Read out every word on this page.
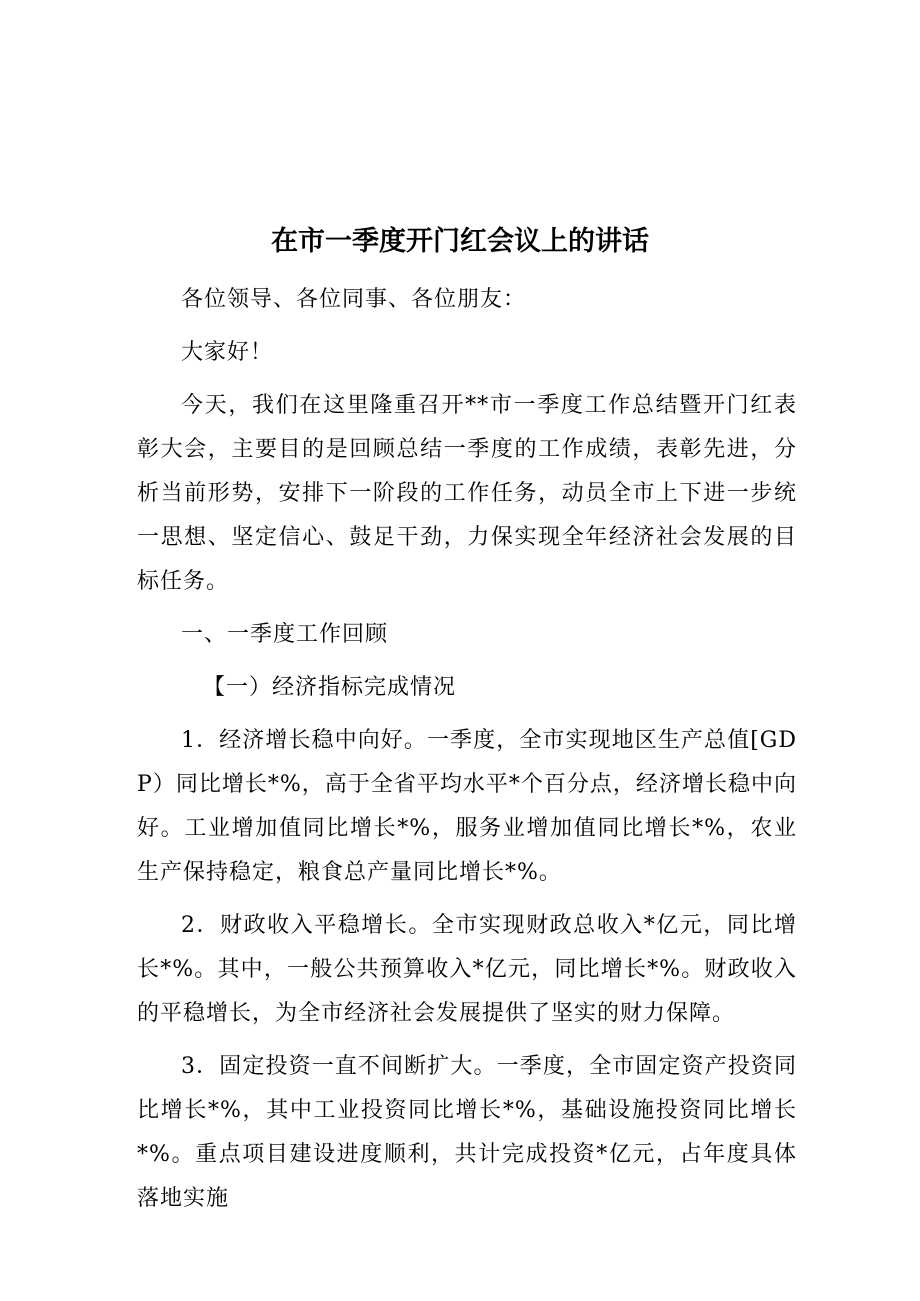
在市一季度开门红会议上的讲话

各位领导、各位同事、各位朋友：

大家好！

今天，我们在这里隆重召开**市一季度工作总结暨开门红表彰大会，主要目的是回顾总结一季度的工作成绩，表彰先进，分析当前形势，安排下一阶段的工作任务，动员全市上下进一步统一思想、坚定信心、鼓足干劲，力保实现全年经济社会发展的目标任务。

一、一季度工作回顾

【一）经济指标完成情况

1．经济增长稳中向好。一季度，全市实现地区生产总值[GDP）同比增长*%，高于全省平均水平*个百分点，经济增长稳中向好。工业增加值同比增长*%，服务业增加值同比增长*%，农业生产保持稳定，粮食总产量同比增长*%。

2．财政收入平稳增长。全市实现财政总收入*亿元，同比增长*%。其中，一般公共预算收入*亿元，同比增长*%。财政收入的平稳增长，为全市经济社会发展提供了坚实的财力保障。

3．固定投资一直不间断扩大。一季度，全市固定资产投资同比增长*%，其中工业投资同比增长*%，基础设施投资同比增长*%。重点项目建设进度顺利，共计完成投资*亿元，占年度具体落地实施
